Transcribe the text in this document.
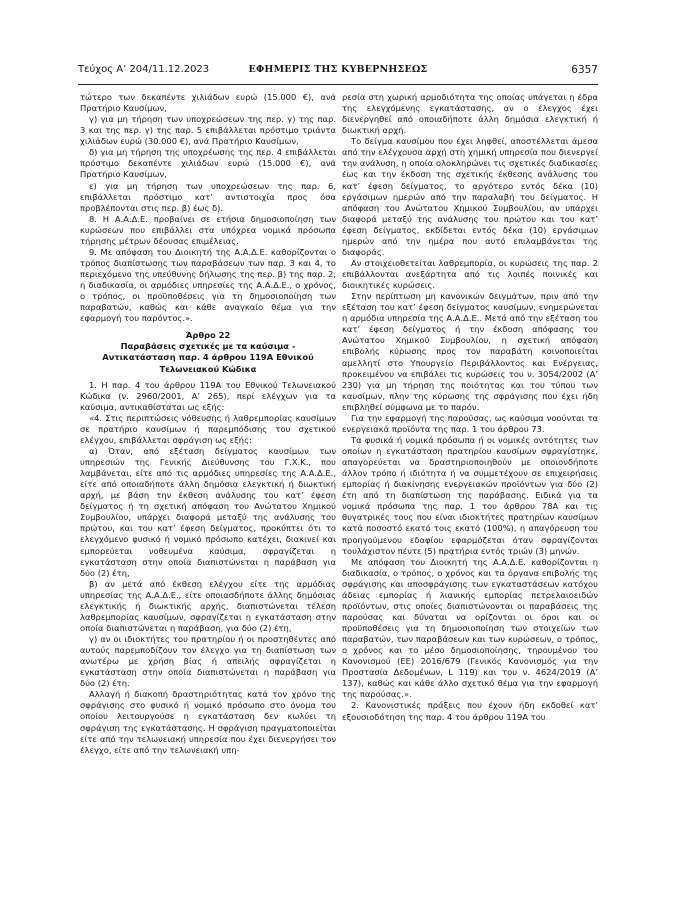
Τεύχος Α’ 204/11.12.2023	ΕΦΗΜΕΡΙΣ ΤΗΣ ΚΥΒΕΡΝΗΣΕΩΣ	6357

τώτερο των δεκαπέντε χιλιάδων ευρώ (15.000 €), ανά Πρατήριο Καυσίμων,

γ) για μη τήρηση των υποχρεώσεων της περ. γ) της παρ. 3 και της περ. γ) της παρ. 5 επιβάλλεται πρόστιμο τριάντα χιλιάδων ευρώ (30.000 €), ανά Πρατήριο Καυσίμων,

δ) για μη τήρηση της υποχρέωσης της περ. 4 επιβάλλεται πρόστιμο δεκαπέντε χιλιάδων ευρώ (15.000 €), ανά Πρατήριο Καυσίμων,

ε) για μη τήρηση των υποχρεώσεων της παρ. 6, επιβάλλεται πρόστιμο κατ’ αντιστοιχία προς όσα προβλέπονται στις περ. β) έως δ).

8. Η Α.Α.Δ.Ε. προβαίνει σε ετήσια δημοσιοποίηση των κυρώσεων που επιβάλλει στα υπόχρεα νομικά πρόσωπα τήρησης μέτρων δέουσας επιμέλειας.

9. Με απόφαση του Διοικητή της Α.Α.Δ.Ε. καθορίζονται ο τρόπος διαπίστωσης των παραβάσεων των παρ. 3 και 4, το περιεχόμενο της υπεύθυνης δήλωσης της περ. β) της παρ. 2, η διαδικασία, οι αρμόδιες υπηρεσίες της Α.Α.Δ.Ε., ο χρόνος, ο τρόπος, οι προϋποθέσεις για τη δημοσιοποίηση των παραβατών, καθώς και κάθε αναγκαίο θέμα για την εφαρμογή του παρόντος.».

Άρθρο 22
Παραβάσεις σχετικές με τα καύσιμα -
Αντικατάσταση παρ. 4 άρθρου 119Α Εθνικού
Τελωνειακού Κώδικα

1. Η παρ. 4 του άρθρου 119Α του Εθνικού Τελωνειακού Κώδικα (ν. 2960/2001, Α’ 265), περί ελέγχων για τα καύσιμα, αντικαθίσταται ως εξής:

«4. Στις περιπτώσεις νόθευσης ή λαθρεμπορίας καυσίμων σε πρατήριο καυσίμων ή παρεμπόδισης του σχετικού ελέγχου, επιβάλλεται σφράγιση ως εξής:

α) Όταν, από εξέταση δείγματος καυσίμων των υπηρεσιών της Γενικής Διεύθυνσης του Γ.Χ.Κ., που λαμβάνεται, είτε από τις αρμόδιες υπηρεσίες της Α.Α.Δ.Ε., είτε από οποιαδήποτε άλλη δημόσια ελεγκτική ή διωκτική αρχή, με βάση την έκθεση ανάλυσης του κατ’ έφεση δείγματος ή τη σχετική απόφαση του Ανώτατου Χημικού Συμβουλίου, υπάρχει διαφορά μεταξύ της ανάλυσης του πρώτου, και του κατ’ έφεση δείγματος, προκύπτει ότι το ελεγχόμενο φυσικό ή νομικό πρόσωπο κατέχει, διακινεί και εμπορεύεται νοθευμένα καύσιμα, σφραγίζεται η εγκατάσταση στην οποία διαπιστώνεται η παράβαση για δύο (2) έτη,

β) αν μετά από έκθεση ελέγχου είτε της αρμόδιας υπηρεσίας της Α.Α.Δ.Ε., είτε οποιασδήποτε άλλης δημόσιας ελεγκτικής ή διωκτικής αρχής, διαπιστώνεται τέλεση λαθρεμπορίας καυσίμων, σφραγίζεται η εγκατάσταση στην οποία διαπιστώνεται η παράβαση, για δύο (2) έτη,

γ) αν οι ιδιοκτήτες του πρατηρίου ή οι προστηθέντες από αυτούς παρεμποδίζουν τον έλεγχο για τη διαπίστωση των ανωτέρω με χρήση βίας ή απειλής σφραγίζεται η εγκατάσταση στην οποία διαπιστώνεται η παράβαση για δύο (2) έτη.

Αλλαγή ή διακοπή δραστηριότητας κατά τον χρόνο της σφράγισης στο φυσικό ή νομικό πρόσωπο στο όνομα του οποίου λειτουργούσε η εγκατάσταση δεν κωλύει τη σφράγιση της εγκατάστασης. Η σφράγιση πραγματοποιείται είτε από την τελωνειακή υπηρεσία που έχει διενεργήσει τον έλεγχο, είτε από την τελωνειακή υπη-

ρεσία στη χωρική αρμοδιότητα της οποίας υπάγεται η έδρα της ελεγχόμενης εγκατάστασης, αν ο έλεγχος έχει διενεργηθεί από οποιαδήποτε άλλη δημόσια ελεγκτική ή διωκτική αρχή.

Το δείγμα καυσίμου που έχει ληφθεί, αποστέλλεται άμεσα από την ελέγχουσα αρχή στη χημική υπηρεσία που διενεργεί την ανάλυση, η οποία ολοκληρώνει τις σχετικές διαδικασίες έως και την έκδοση της σχετικής έκθεσης ανάλυσης του κατ’ έφεση δείγματος, το αργότερο εντός δέκα (10) εργάσιμων ημερών από την παραλαβή του δείγματος. Η απόφαση του Ανώτατου Χημικού Συμβουλίου, αν υπάρχει διαφορά μεταξύ της ανάλυσης του πρώτου και του κατ’ έφεση δείγματος, εκδίδεται εντός δέκα (10) εργάσιμων ημερών από την ημέρα που αυτό επιλαμβάνεται της διαφοράς.

Αν στοιχειοθετείται λαθρεμπορία, οι κυρώσεις της παρ. 2 επιβάλλονται ανεξάρτητα από τις λοιπές ποινικές και διοικητικές κυρώσεις.

Στην περίπτωση μη κανονικών δειγμάτων, πριν από την εξέταση του κατ’ έφεση δείγματος καυσίμων, ενημερώνεται η αρμόδια υπηρεσία της Α.Α.Δ.Ε.. Μετά από την εξέταση του κατ’ έφεση δείγματος ή την έκδοση απόφασης του Ανώτατου Χημικού Συμβουλίου, η σχετική απόφαση επιβολής κύρωσης προς τον παραβάτη κοινοποιείται αμελλητί στο Υπουργείο Περιβάλλοντος και Ενέργειας, προκειμένου να επιβάλει τις κυρώσεις του ν. 3054/2002 (Α’ 230) για μη τήρηση της ποιότητας και του τύπου των καυσίμων, πλην της κύρωσης της σφράγισης που έχει ήδη επιβληθεί σύμφωνα με το παρόν.

Για την εφαρμογή της παρούσας, ως καύσιμα νοούνται τα ενεργειακά προϊόντα της παρ. 1 του άρθρου 73.

Τα φυσικά ή νομικά πρόσωπα ή οι νομικές οντότητες των οποίων η εγκατάσταση πρατηρίου καυσίμων σφραγίστηκε, απαγορεύεται να δραστηριοποιηθούν με οποιονδήποτε άλλον τρόπο ή ιδιότητα ή να συμμετέχουν σε επιχειρήσεις εμπορίας ή διακίνησης ενεργειακών προϊόντων για δύο (2) έτη από τη διαπίστωση της παράβασης. Ειδικά για τα νομικά πρόσωπα της παρ. 1 του άρθρου 78Α και τις θυγατρικές τους που είναι ιδιοκτήτες πρατηρίων καυσίμων κατά ποσοστό εκατό τοις εκατό (100%), η απαγόρευση του προηγούμενου εδαφίου εφαρμόζεται όταν σφραγίζονται τουλάχιστον πέντε (5) πρατήρια εντός τριών (3) μηνών.

Με απόφαση του Διοικητή της Α.Α.Δ.Ε. καθορίζονται η διαδικασία, ο τρόπος, ο χρόνος και τα όργανα επιβολής της σφράγισης και αποσφράγισης των εγκαταστάσεων κατόχου άδειας εμπορίας ή λιανικής εμπορίας πετρελαιοειδών προϊόντων, στις οποίες διαπιστώνονται οι παραβάσεις της παρούσας και δύναται να ορίζονται οι όροι και οι προϋποθέσεις για τη δημοσιοποίηση των στοιχείων των παραβατών, των παραβάσεων και των κυρώσεων, ο τρόπος, ο χρόνος και το μέσο δημοσιοποίησης, τηρουμένου του Κανονισμού (ΕΕ) 2016/679 (Γενικός Κανονισμός για την Προστασία Δεδομένων, L 119) και του ν. 4624/2019 (Α’ 137), καθώς και κάθε άλλο σχετικό θέμα για την εφαρμογή της παρούσας.».

2. Κανονιστικές πράξεις που έχουν ήδη εκδοθεί κατ’ εξουσιοδότηση της παρ. 4 του άρθρου 119Α του
